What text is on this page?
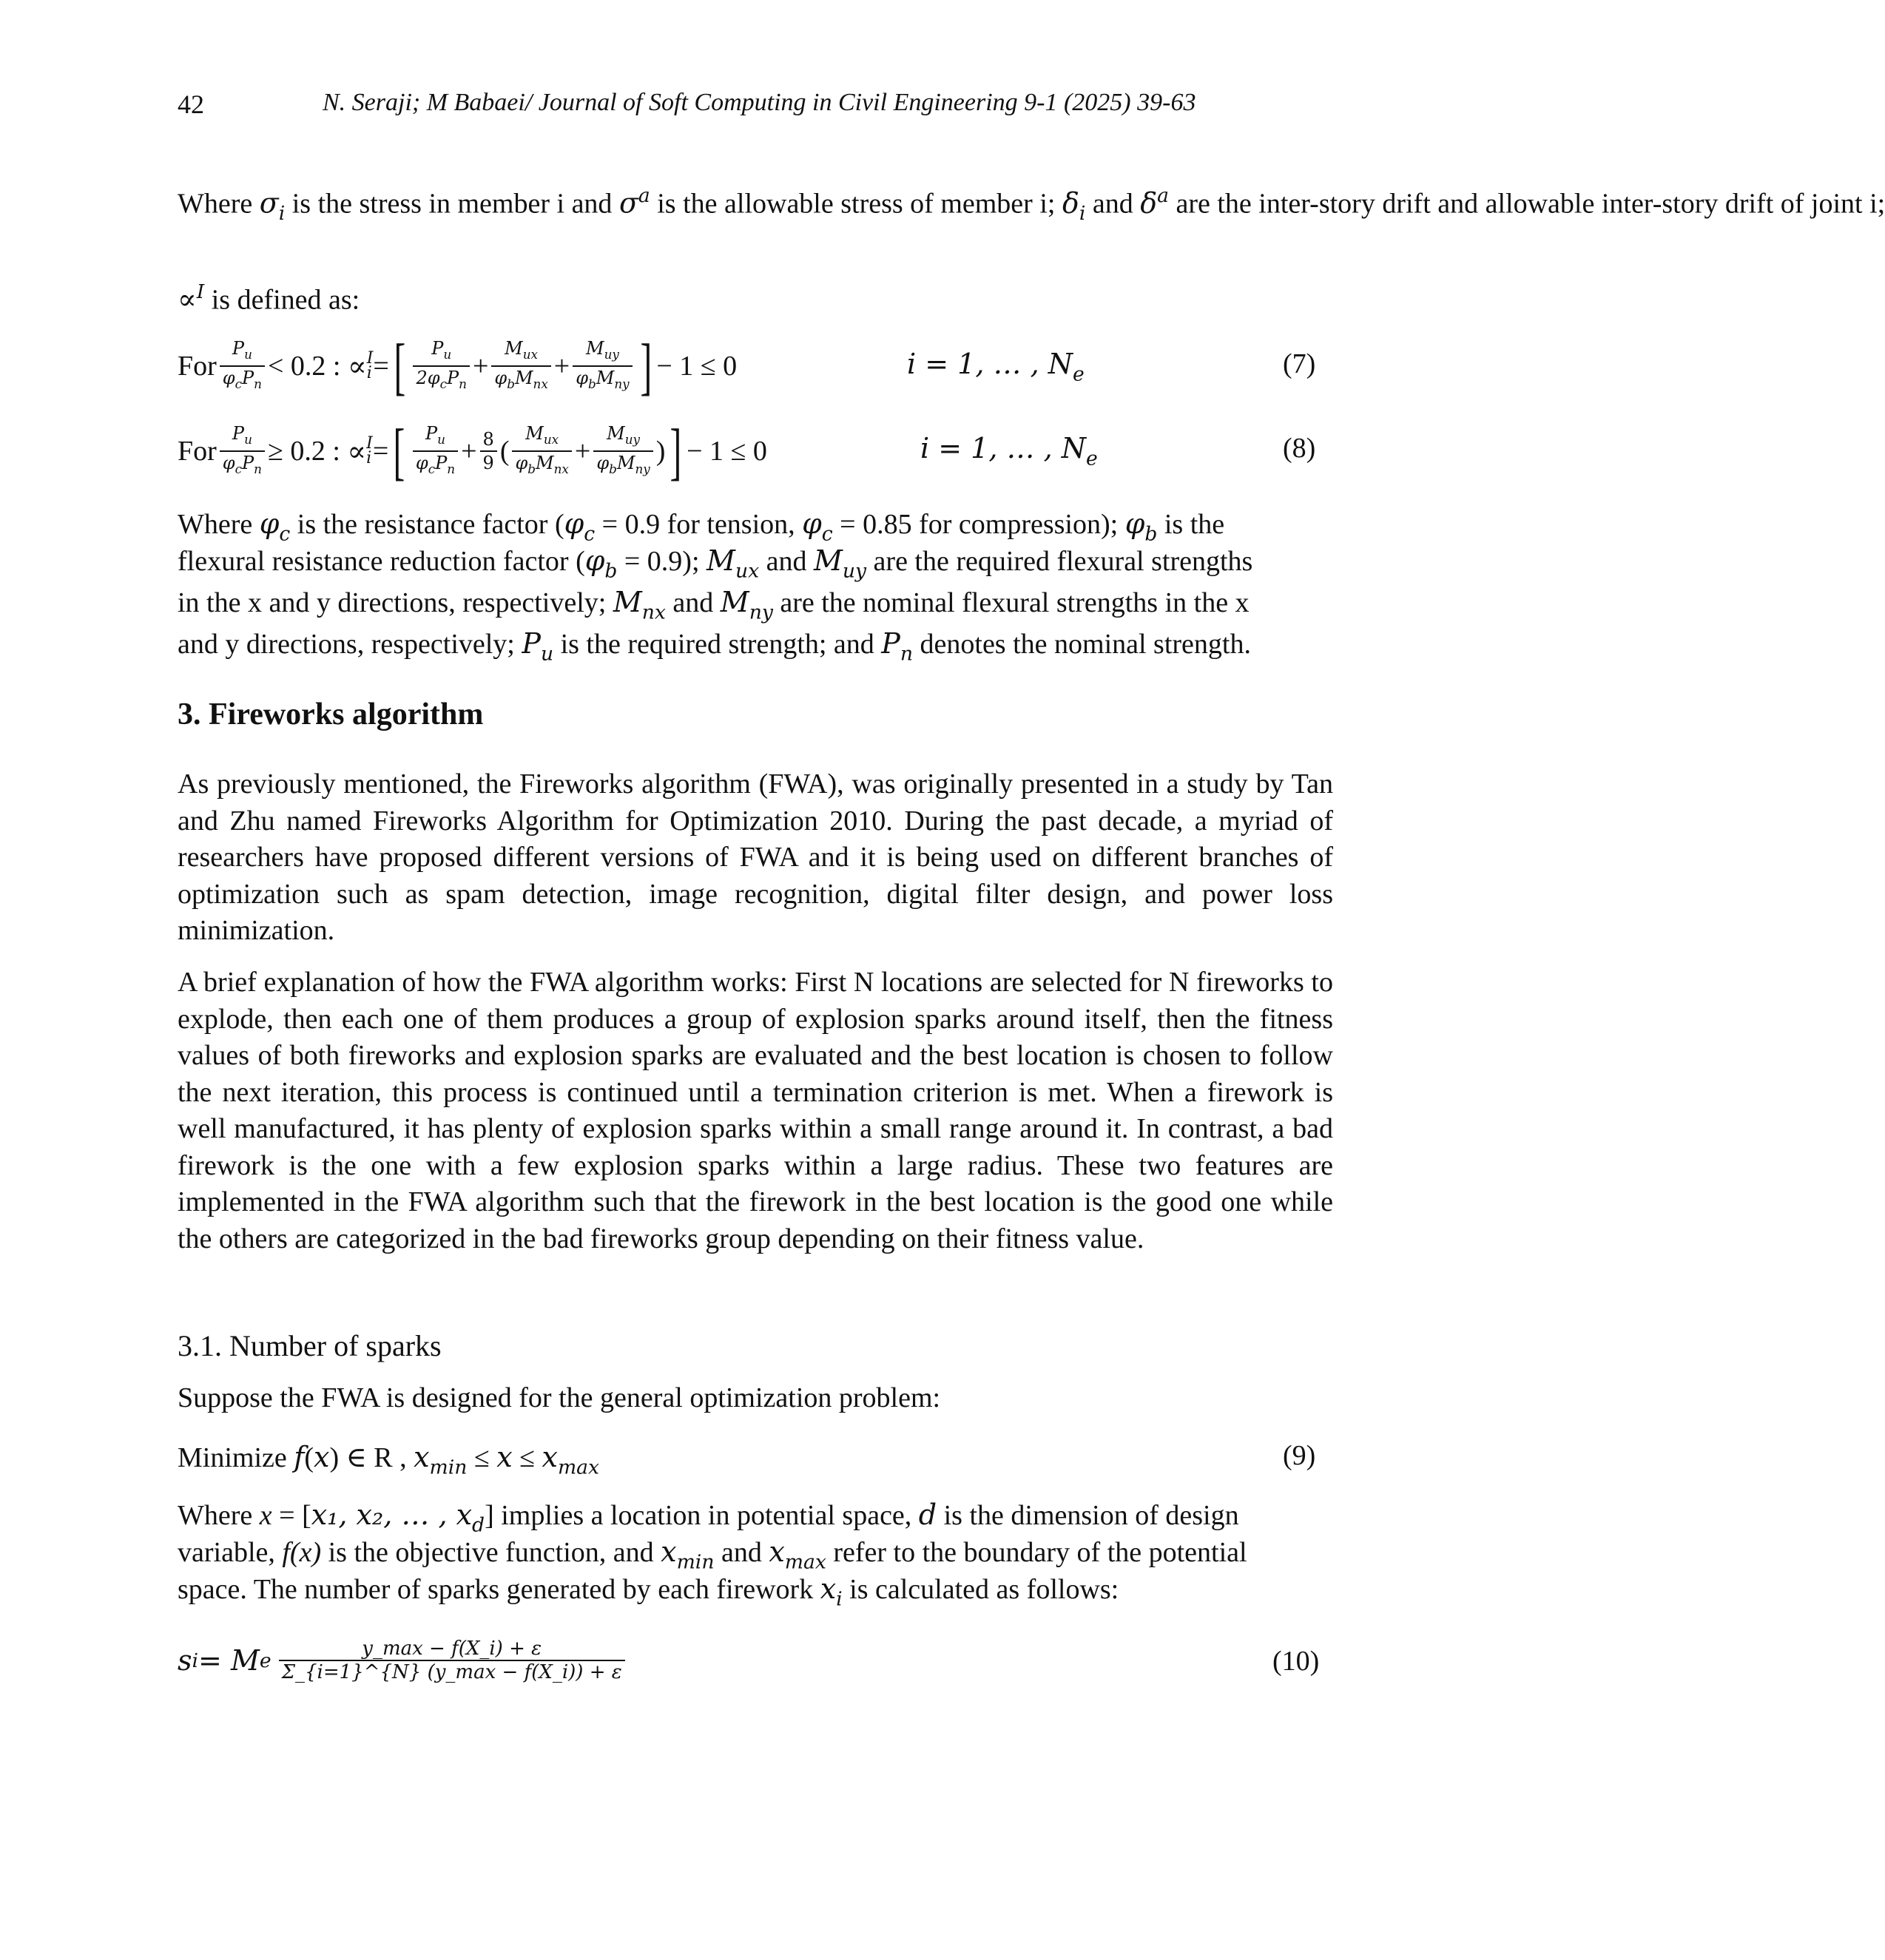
42	N. Seraji; M Babaei/ Journal of Soft Computing in Civil Engineering 9-1 (2025) 39-63
Where $\sigma_i$ is the stress in member i and $\sigma^a$ is the allowable stress of member i; $\delta_i$ and $\delta^a$ are the inter-story drift and allowable inter-story drift of joint i;
∝$^I$ is defined as:
For $\frac{P_u}{\varphi_cP_n} < 0.2$ :
∝ I
i = [ $\frac{P_u}{2\varphi_cP_n} + \frac{M_{ux}}{\varphi_bM_{nx}} + \frac{M_{uy}}{\varphi_bM_{ny}}$ ] − 1 ≤ 0	i = 1, … , $N_e$	(7)
For $\frac{P_u}{\varphi_cP_n} \ge 0.2$ :
∝ I
i = [ $\frac{P_u}{\varphi_cP_n} + \frac{8}{9}$ ( $\frac{M_{ux}}{\varphi_bM_{nx}} + \frac{M_{uy}}{\varphi_bM_{ny}}$ ) ] − 1 ≤ 0	i = 1, … , $N_e$	(8)
Where $\varphi_c$ is the resistance factor ($\varphi_c = 0.9$ for tension, $\varphi_c = 0.85$ for compression); $\varphi_b$ is the
flexural resistance reduction factor $(\varphi_b = 0.9)$; $M_{ux}$ and $M_{uy}$ are the required flexural strengths
in the x and y directions, respectively; $M_{nx}$ and $M_{ny}$ are the nominal flexural strengths in the x
and y directions, respectively; $P_u$ is the required strength; and $P_n$ denotes the nominal strength.
3. Fireworks algorithm
As previously mentioned, the Fireworks algorithm (FWA), was originally presented in a study by Tan and Zhu named Fireworks Algorithm for Optimization 2010. During the past decade, a myriad of researchers have proposed different versions of FWA and it is being used on different branches of optimization such as spam detection, image recognition, digital filter design, and power loss minimization.
A brief explanation of how the FWA algorithm works: First N locations are selected for N fireworks to explode, then each one of them produces a group of explosion sparks around itself, then the fitness values of both fireworks and explosion sparks are evaluated and the best location is chosen to follow the next iteration, this process is continued until a termination criterion is met. When a firework is well manufactured, it has plenty of explosion sparks within a small range around it. In contrast, a bad firework is the one with a few explosion sparks within a large radius. These two features are implemented in the FWA algorithm such that the firework in the best location is the good one while the others are categorized in the bad fireworks group depending on their fitness value.
3.1. Number of sparks
Suppose the FWA is designed for the general optimization problem:
Minimize f(x) ∈ R , $x_{min} \le x \le x_{max}$	(9)
Where x = [x₁, x₂, … , $x_d$] implies a location in potential space, d is the dimension of design
variable, f(x) is the objective function, and $x_{min}$ and $x_{max}$ refer to the boundary of the potential
space. The number of sparks generated by each firework $x_i$ is calculated as follows:
s i = M e $\frac{y\_\max - f(X\_i) + \varepsilon}{\Sigma\_\{i=1\}\^{}\{N\} (y\_\max - f(X\_i)) + \varepsilon}$	(10)
